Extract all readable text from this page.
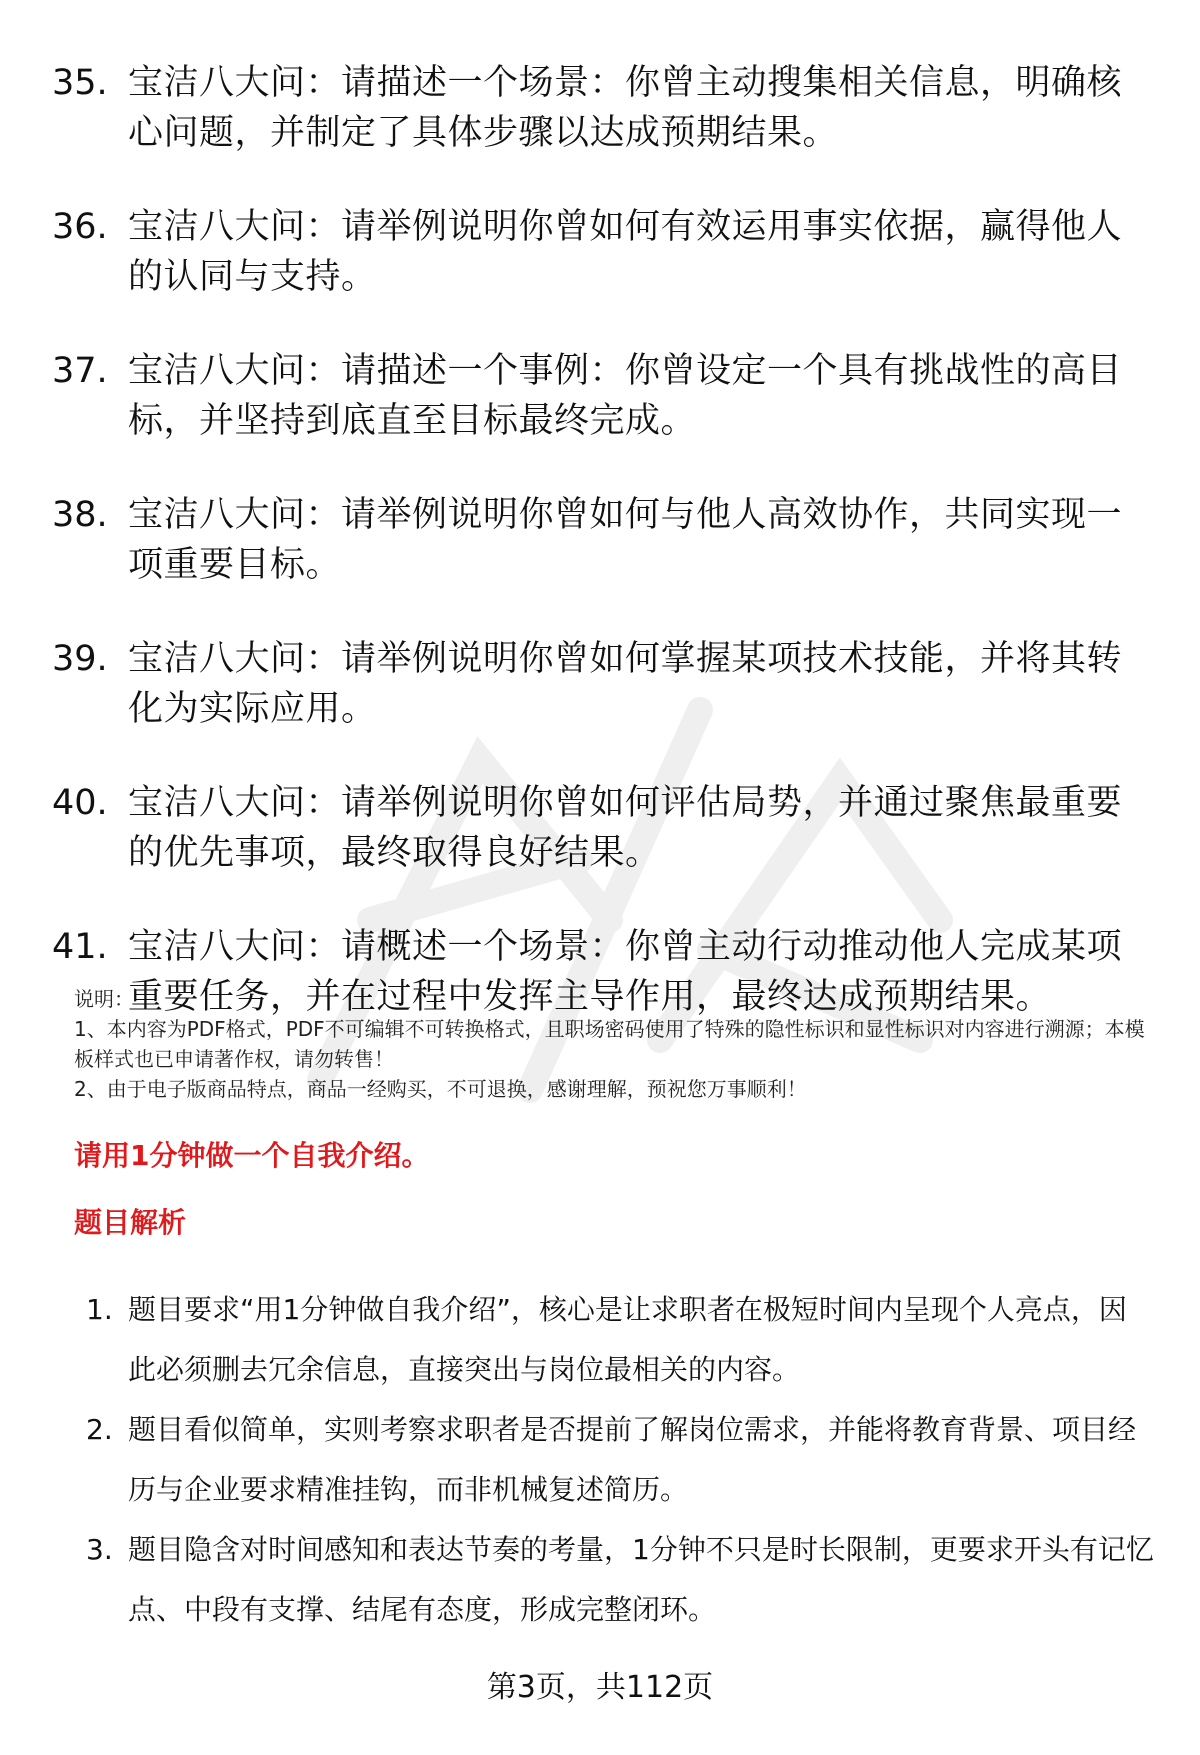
35. 宝洁八大问：请描述一个场景：你曾主动搜集相关信息，明确核心问题，并制定了具体步骤以达成预期结果。
36. 宝洁八大问：请举例说明你曾如何有效运用事实依据，赢得他人的认同与支持。
37. 宝洁八大问：请描述一个事例：你曾设定一个具有挑战性的高目标，并坚持到底直至目标最终完成。
38. 宝洁八大问：请举例说明你曾如何与他人高效协作，共同实现一项重要目标。
39. 宝洁八大问：请举例说明你曾如何掌握某项技术技能，并将其转化为实际应用。
40. 宝洁八大问：请举例说明你曾如何评估局势，并通过聚焦最重要的优先事项，最终取得良好结果。
41. 宝洁八大问：请概述一个场景：你曾主动行动推动他人完成某项重要任务，并在过程中发挥主导作用，最终达成预期结果。
说明：
1、本内容为PDF格式，PDF不可编辑不可转换格式，且职场密码使用了特殊的隐性标识和显性标识对内容进行溯源；本模板样式也已申请著作权，请勿转售！
2、由于电子版商品特点，商品一经购买，不可退换，感谢理解，预祝您万事顺利！
请用1分钟做一个自我介绍。
题目解析
1. 题目要求“用1分钟做自我介绍”，核心是让求职者在极短时间内呈现个人亮点，因此必须删去冗余信息，直接突出与岗位最相关的内容。
2. 题目看似简单，实则考察求职者是否提前了解岗位需求，并能将教育背景、项目经历与企业要求精准挂钩，而非机械复述简历。
3. 题目隐含对时间感知和表达节奏的考量，1分钟不只是时长限制，更要求开头有记忆点、中段有支撑、结尾有态度，形成完整闭环。
第3页，共112页
